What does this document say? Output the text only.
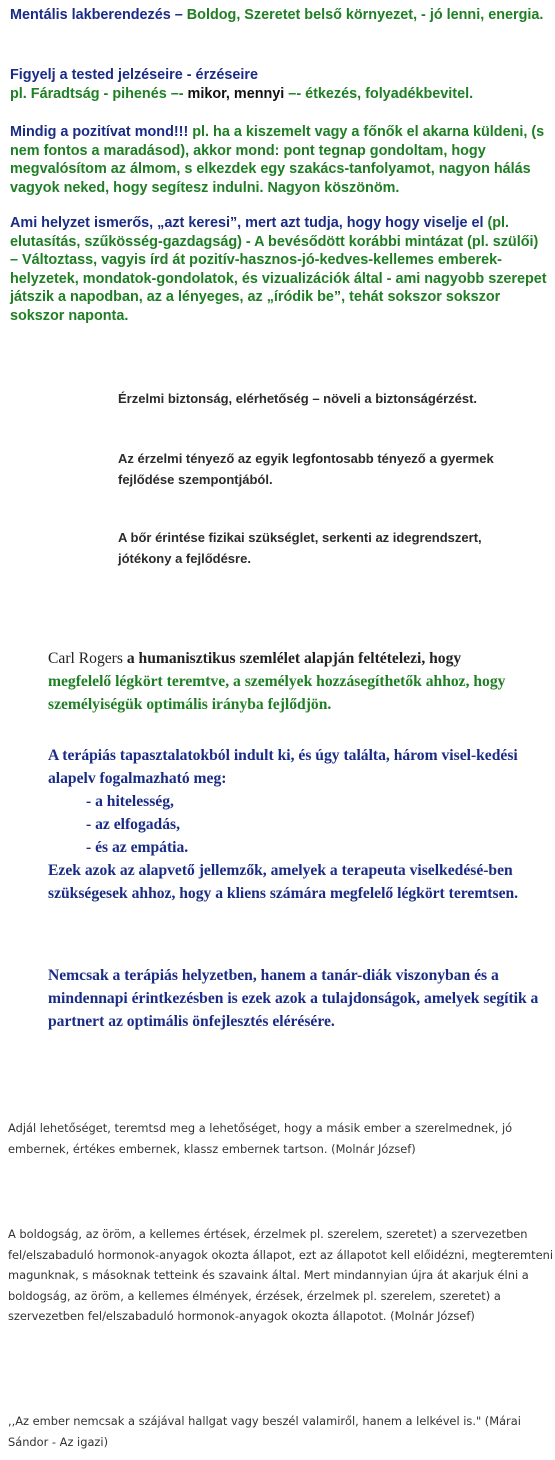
Mentális lakberendezés – Boldog, Szeretet belső környezet, - jó lenni, energia.
Figyelj a tested jelzéseire - érzéseire
pl. Fáradtság - pihenés –- mikor, mennyi –- étkezés, folyadékbevitel.
Mindig a pozitívat mond!!! pl. ha a kiszemelt vagy a főnők el akarna küldeni, (s nem fontos a maradásod), akkor mond: pont tegnap gondoltam, hogy megvalósítom az álmom, s elkezdek egy szakács-tanfolyamot, nagyon hálás vagyok neked, hogy segítesz indulni. Nagyon köszönöm.
Ami helyzet ismerős, „azt keresi”, mert azt tudja, hogy hogy viselje el (pl. elutasítás, szűkösség-gazdagság) - A bevésődött korábbi mintázat (pl. szülői) – Változtass, vagyis írd át pozitív-hasznos-jó-kedves-kellemes emberek-helyzetek, mondatok-gondolatok, és vizualizációk által - ami nagyobb szerepet játszik a napodban, az a lényeges, az „íródik be”, tehát sokszor sokszor sokszor naponta.
Érzelmi biztonság, elérhetőség – növeli a biztonságérzést.
Az érzelmi tényező az egyik legfontosabb tényező a gyermek fejlődése szempontjából.
A bőr érintése fizikai szükséglet, serkenti az idegrendszert, jótékony a fejlődésre.
Carl Rogers a humanisztikus szemlélet alapján feltételezi, hogy
megfelelő légkört teremtve, a személyek hozzásegíthetők ahhoz, hogy személyiségük optimális irányba fejlődjön.
A terápiás tapasztalatokból indult ki, és úgy találta, három visel-kedési alapelv fogalmazható meg:
- a hitelesség,
- az elfogadás,
- és az empátia.
Ezek azok az alapvető jellemzők, amelyek a terapeuta viselkedésé-ben szükségesek ahhoz, hogy a kliens számára megfelelő légkört teremtsen.
Nemcsak a terápiás helyzetben, hanem a tanár-diák viszonyban és a mindennapi érintkezésben is ezek azok a tulajdonságok, amelyek segítik a partnert az optimális önfejlesztés elérésére.
Adjál lehetőséget, teremtsd meg a lehetőséget, hogy a másik ember a szerelmednek, jó embernek, értékes embernek, klassz embernek tartson. (Molnár József)
A boldogság, az öröm, a kellemes értések, érzelmek pl. szerelem, szeretet) a szervezetben fel/elszabaduló hormonok-anyagok okozta állapot, ezt az állapotot kell előidézni, megteremteni magunknak, s másoknak tetteink és szavaink által. Mert mindannyian újra át akarjuk élni a boldogság, az öröm, a kellemes élmények, érzések, érzelmek pl. szerelem, szeretet) a szervezetben fel/elszabaduló hormonok-anyagok okozta állapotot. (Molnár József)
,,Az ember nemcsak a szájával hallgat vagy beszél valamiről, hanem a lelkével is." (Márai Sándor - Az igazi)
